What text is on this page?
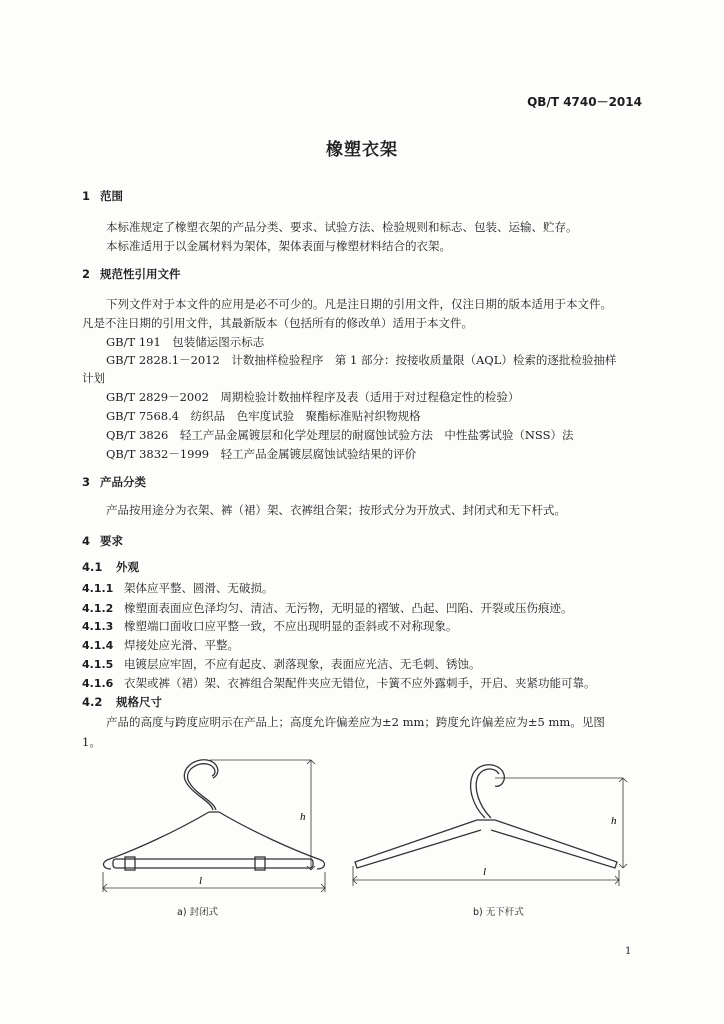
QB/T 4740－2014
橡塑衣架
1 范围
本标准规定了橡塑衣架的产品分类、要求、试验方法、检验规则和标志、包装、运输、贮存。
本标准适用于以金属材料为架体，架体表面与橡塑材料结合的衣架。
2 规范性引用文件
下列文件对于本文件的应用是必不可少的。凡是注日期的引用文件，仅注日期的版本适用于本文件。
凡是不注日期的引用文件，其最新版本（包括所有的修改单）适用于本文件。
GB/T 191　包装储运图示标志
GB/T 2828.1－2012　计数抽样检验程序　第 1 部分：按接收质量限（AQL）检索的逐批检验抽样
计划
GB/T 2829－2002　周期检验计数抽样程序及表（适用于对过程稳定性的检验）
GB/T 7568.4　纺织品　色牢度试验　聚酯标准贴衬织物规格
QB/T 3826　轻工产品金属镀层和化学处理层的耐腐蚀试验方法　中性盐雾试验（NSS）法
QB/T 3832－1999　轻工产品金属镀层腐蚀试验结果的评价
3 产品分类
产品按用途分为衣架、裤（裙）架、衣裤组合架；按形式分为开放式、封闭式和无下杆式。
4 要求
4.1 外观
4.1.1 架体应平整、圆滑、无破损。
4.1.2 橡塑面表面应色泽均匀、清洁、无污物，无明显的褶皱、凸起、凹陷、开裂或压伤痕迹。
4.1.3 橡塑端口面收口应平整一致，不应出现明显的歪斜或不对称现象。
4.1.4 焊接处应光滑、平整。
4.1.5 电镀层应牢固，不应有起皮、剥落现象，表面应光洁、无毛刺、锈蚀。
4.1.6 衣架或裤（裙）架、衣裤组合架配件夹应无错位，卡簧不应外露刺手，开启、夹紧功能可靠。
4.2 规格尺寸
产品的高度与跨度应明示在产品上；高度允许偏差应为±2 mm；跨度允许偏差应为±5 mm。见图
1。
h
l
a) 封闭式
h
l
b) 无下杆式
1
